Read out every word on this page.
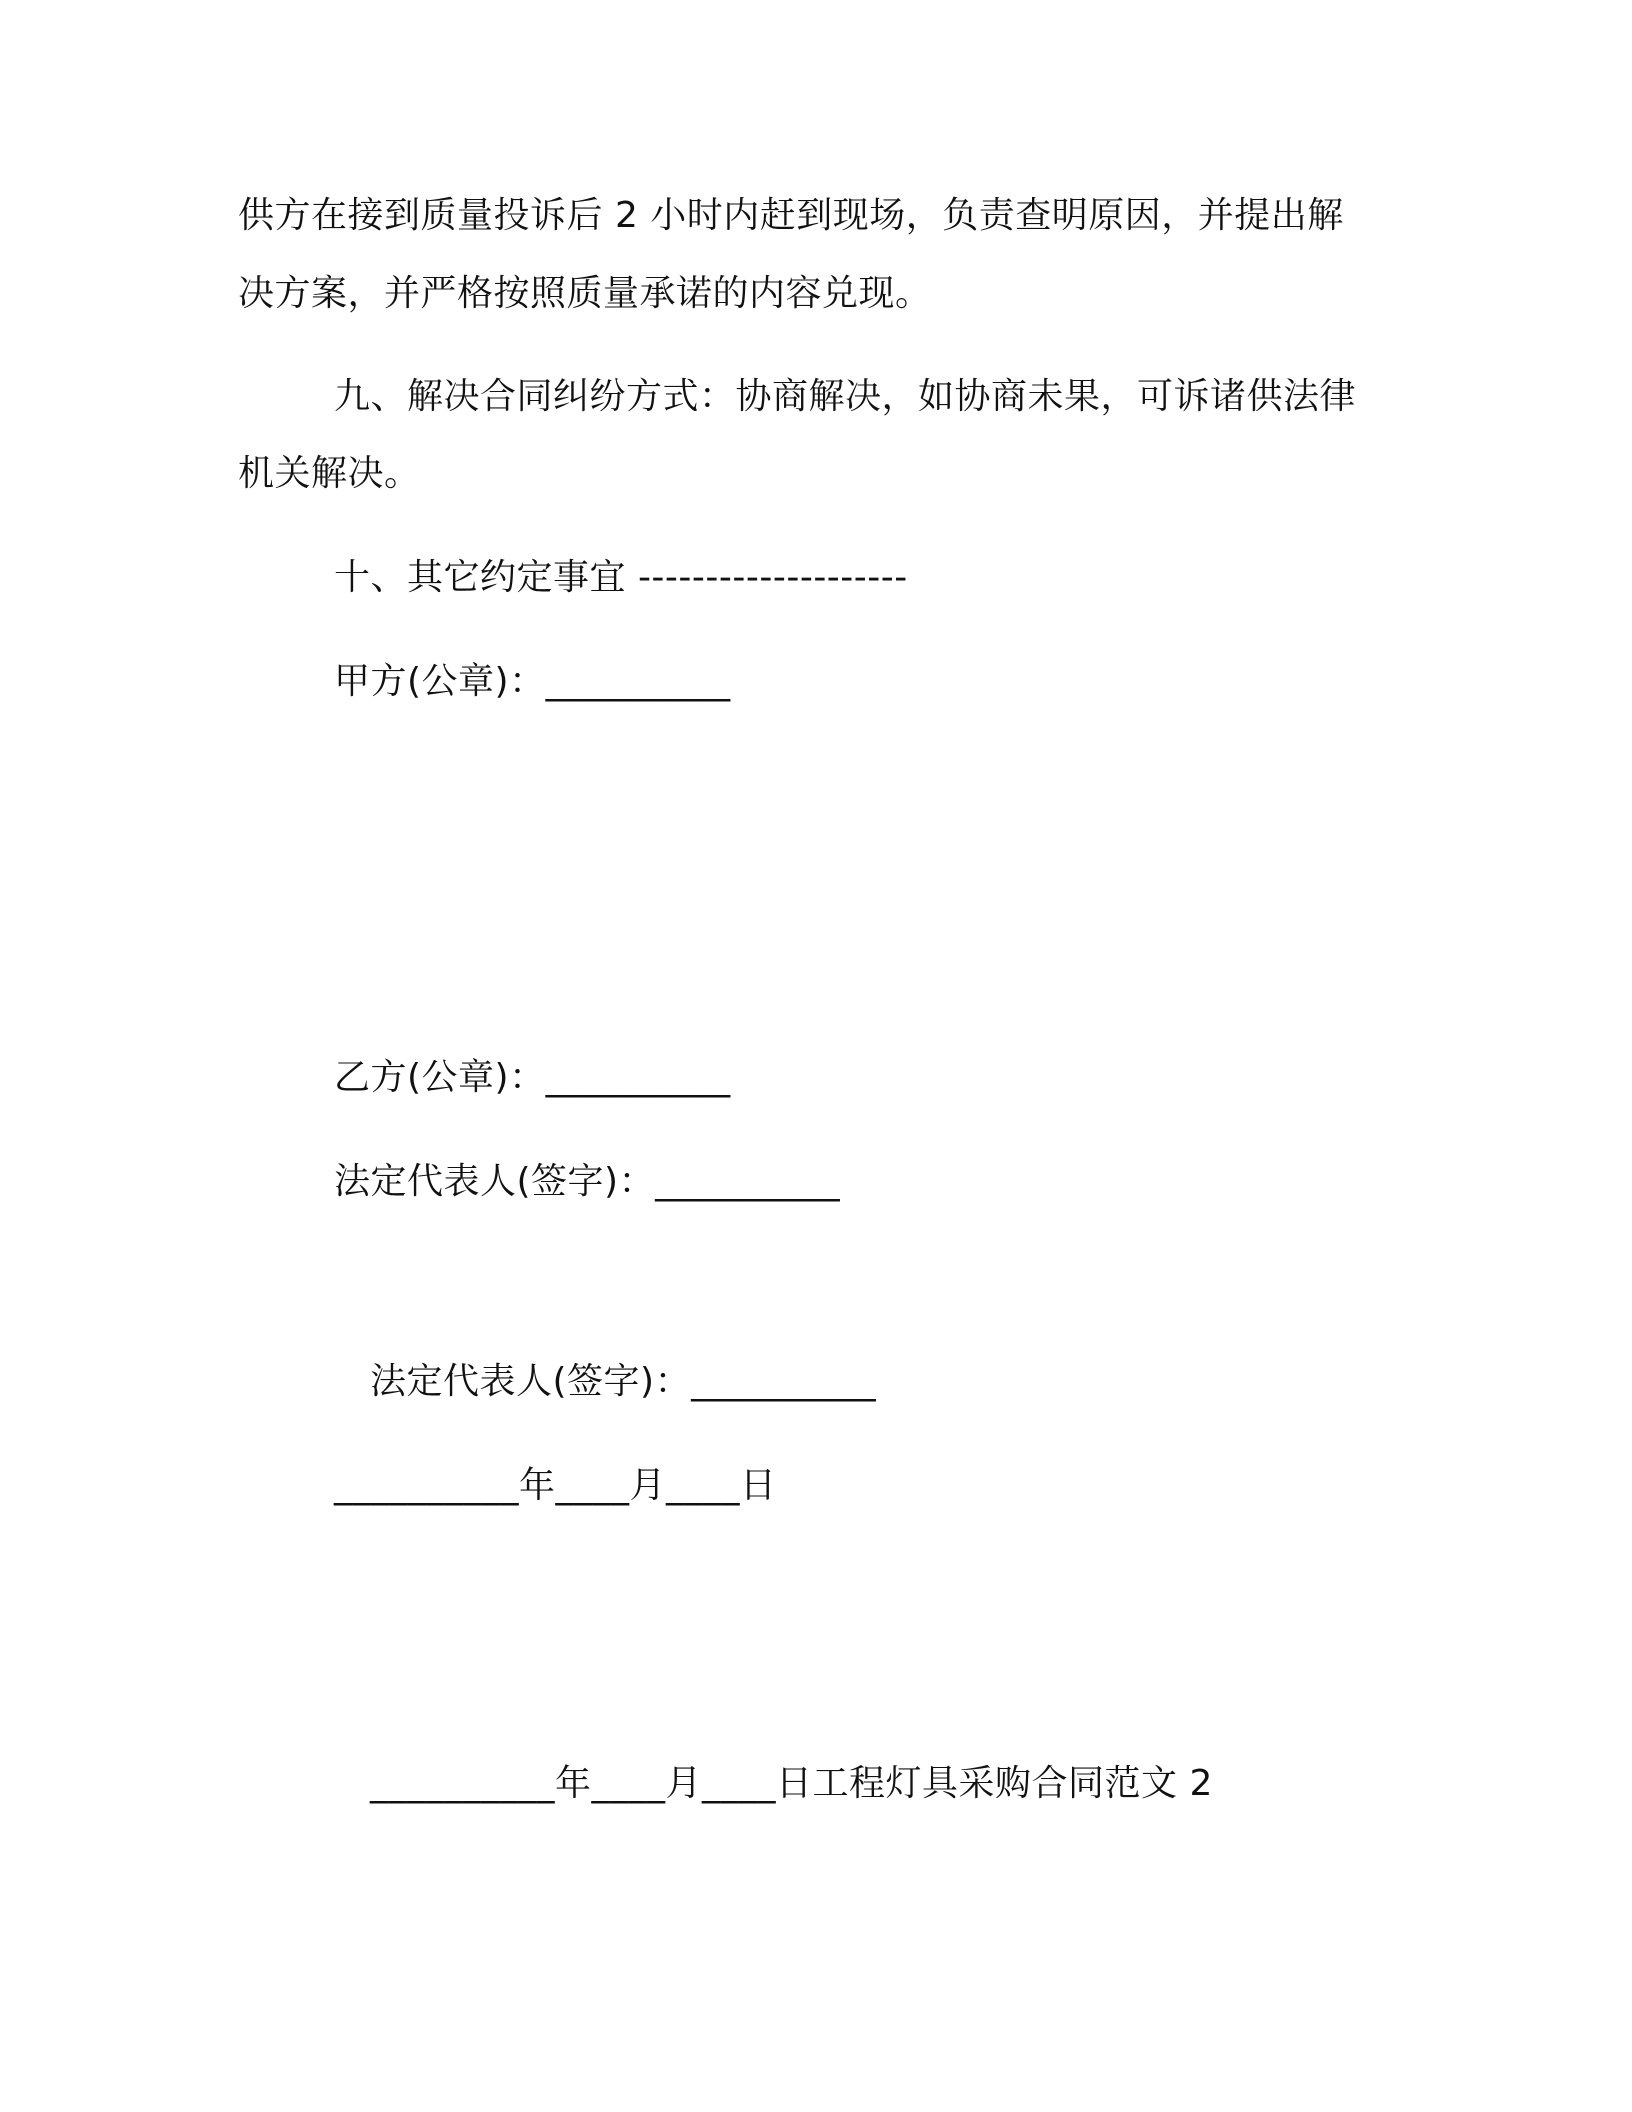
供方在接到质量投诉后 2 小时内赶到现场，负责查明原因，并提出解
决方案，并严格按照质量承诺的内容兑现。
九、解决合同纠纷方式：协商解决，如协商未果，可诉诸供法律
机关解决。
十、其它约定事宜 --------------------
甲方(公章)：__________
乙方(公章)：__________
法定代表人(签字)：__________
法定代表人(签字)：__________
__________年____月____日
__________年____月____日工程灯具采购合同范文 2
